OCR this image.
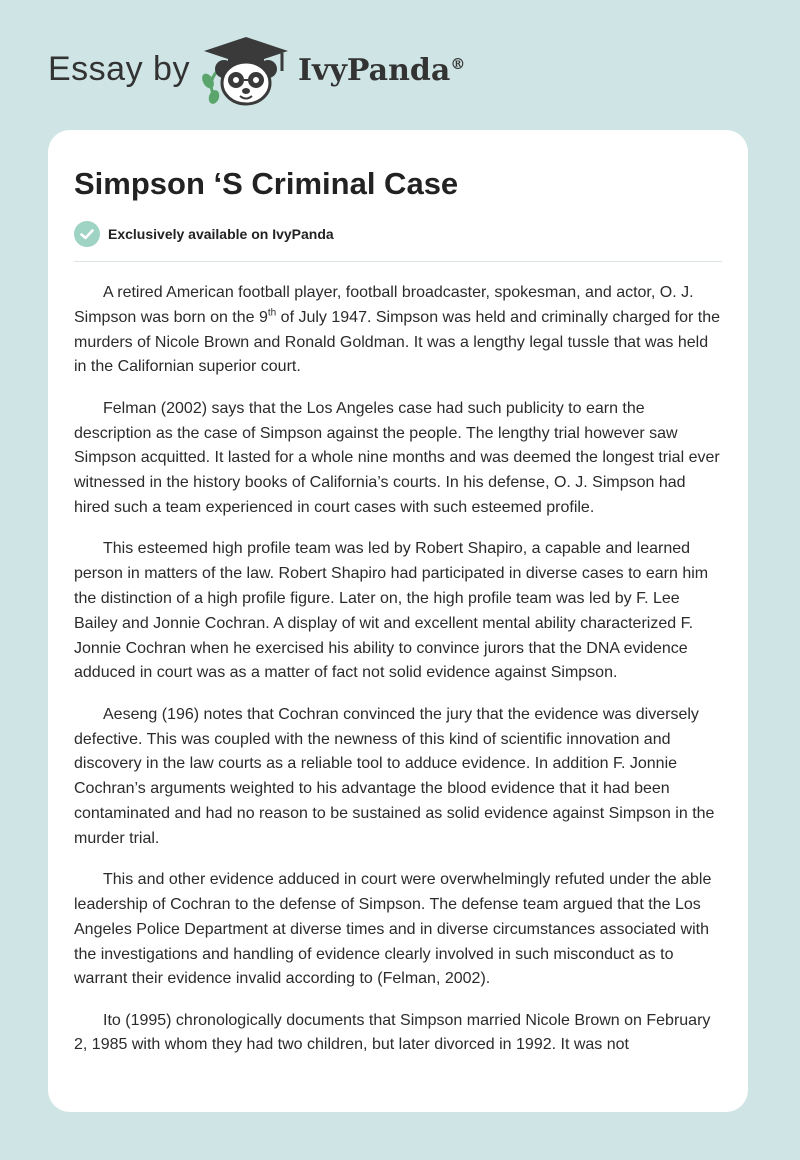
Essay by	IvyPanda®
Simpson ‘S Criminal Case
Exclusively available on IvyPanda

A retired American football player, football broadcaster, spokesman, and actor, O. J. Simpson was born on the 9th of July 1947. Simpson was held and criminally charged for the murders of Nicole Brown and Ronald Goldman. It was a lengthy legal tussle that was held in the Californian superior court.

Felman (2002) says that the Los Angeles case had such publicity to earn the description as the case of Simpson against the people. The lengthy trial however saw Simpson acquitted. It lasted for a whole nine months and was deemed the longest trial ever witnessed in the history books of California’s courts. In his defense, O. J. Simpson had hired such a team experienced in court cases with such esteemed profile.

This esteemed high profile team was led by Robert Shapiro, a capable and learned person in matters of the law. Robert Shapiro had participated in diverse cases to earn him the distinction of a high profile figure. Later on, the high profile team was led by F. Lee Bailey and Jonnie Cochran. A display of wit and excellent mental ability characterized F. Jonnie Cochran when he exercised his ability to convince jurors that the DNA evidence adduced in court was as a matter of fact not solid evidence against Simpson.

Aeseng (196) notes that Cochran convinced the jury that the evidence was diversely defective. This was coupled with the newness of this kind of scientific innovation and discovery in the law courts as a reliable tool to adduce evidence. In addition F. Jonnie Cochran’s arguments weighted to his advantage the blood evidence that it had been contaminated and had no reason to be sustained as solid evidence against Simpson in the murder trial.

This and other evidence adduced in court were overwhelmingly refuted under the able leadership of Cochran to the defense of Simpson. The defense team argued that the Los Angeles Police Department at diverse times and in diverse circumstances associated with the investigations and handling of evidence clearly involved in such misconduct as to warrant their evidence invalid according to (Felman, 2002).

Ito (1995) chronologically documents that Simpson married Nicole Brown on February 2, 1985 with whom they had two children, but later divorced in 1992. It was not
